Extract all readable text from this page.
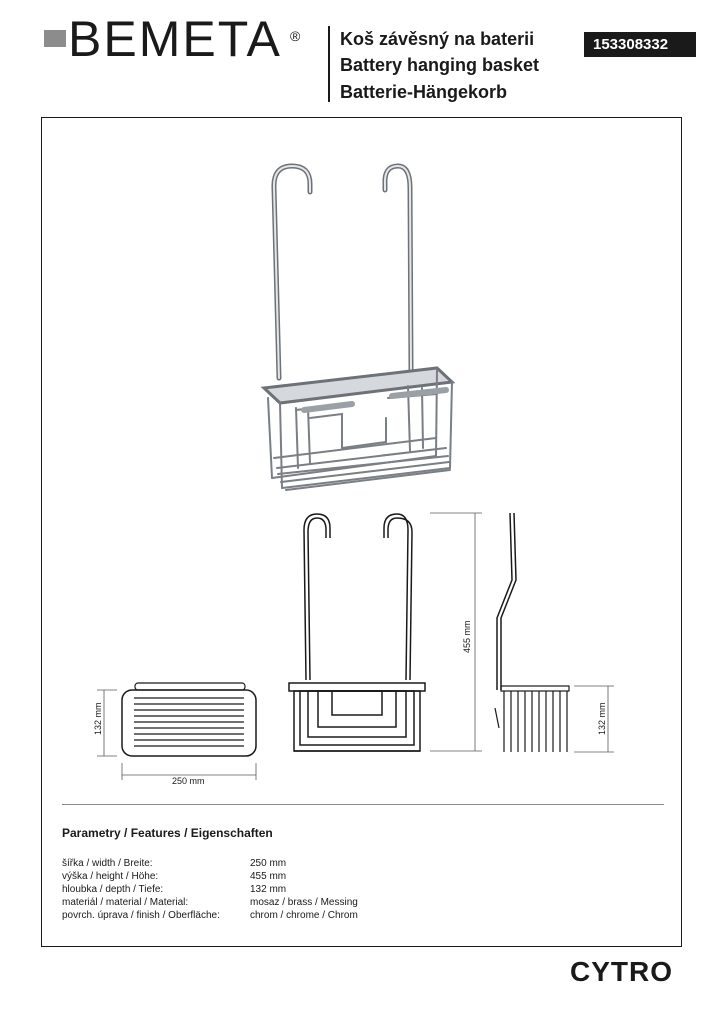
BEMETA ® Koš závěsný na baterii
Battery hanging basket
Batterie-Hängekorb
153308332
250 mm
132 mm
455 mm
132 mm
Parametry / Features / Eigenschaften
šířka / width / Breite:	250 mm
výška / height / Höhe:	455 mm
hloubka / depth / Tiefe:	132 mm
materiál / material / Material:	mosaz / brass / Messing
povrch. úprava / finish / Oberfläche:	chrom / chrome / Chrom
CYTRO
